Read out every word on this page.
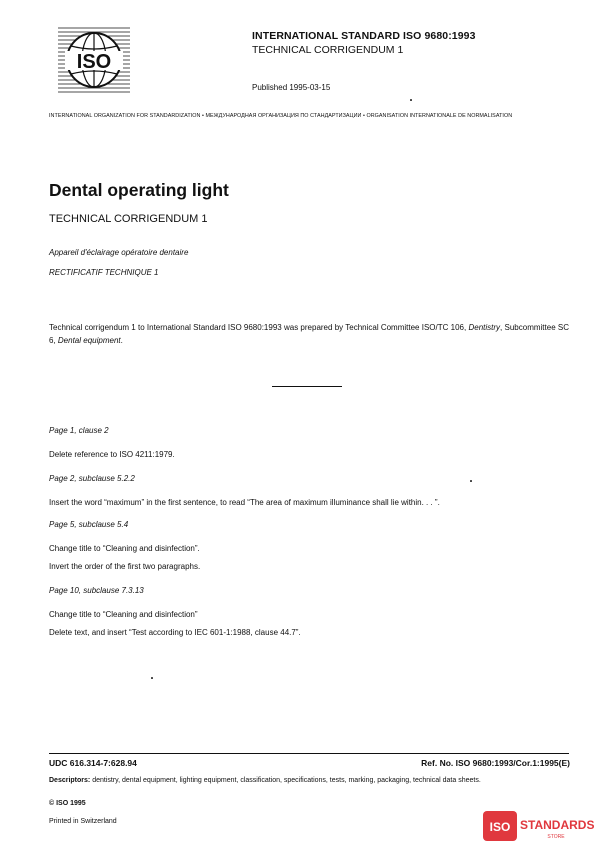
ISO
INTERNATIONAL STANDARD ISO 9680:1993
TECHNICAL CORRIGENDUM 1
Published 1995-03-15
INTERNATIONAL ORGANIZATION FOR STANDARDIZATION • МЕЖДУНАРОДНАЯ ОРГАНИЗАЦИЯ ПО СТАНДАРТИЗАЦИИ • ORGANISATION INTERNATIONALE DE NORMALISATION
Dental operating light
TECHNICAL CORRIGENDUM 1
Appareil d'éclairage opératoire dentaire
RECTIFICATIF TECHNIQUE 1
Technical corrigendum 1 to International Standard ISO 9680:1993 was prepared by Technical Committee ISO/TC 106, Dentistry, Subcommittee SC 6, Dental equipment.
Page 1, clause 2
Delete reference to ISO 4211:1979.
Page 2, subclause 5.2.2
Insert the word “maximum” in the first sentence, to read “The area of maximum illuminance shall lie within. . . ”.
Page 5, subclause 5.4
Change title to “Cleaning and disinfection”.
Invert the order of the first two paragraphs.
Page 10, subclause 7.3.13
Change title to “Cleaning and disinfection”
Delete text, and insert “Test according to IEC 601-1:1988, clause 44.7”.
UDC 616.314-7:628.94	Ref. No. ISO 9680:1993/Cor.1:1995(E)
Descriptors: dentistry, dental equipment, lighting equipment, classification, specifications, tests, marking, packaging, technical data sheets.
© ISO 1995
Printed in Switzerland	ISO STANDARDS
STORE
